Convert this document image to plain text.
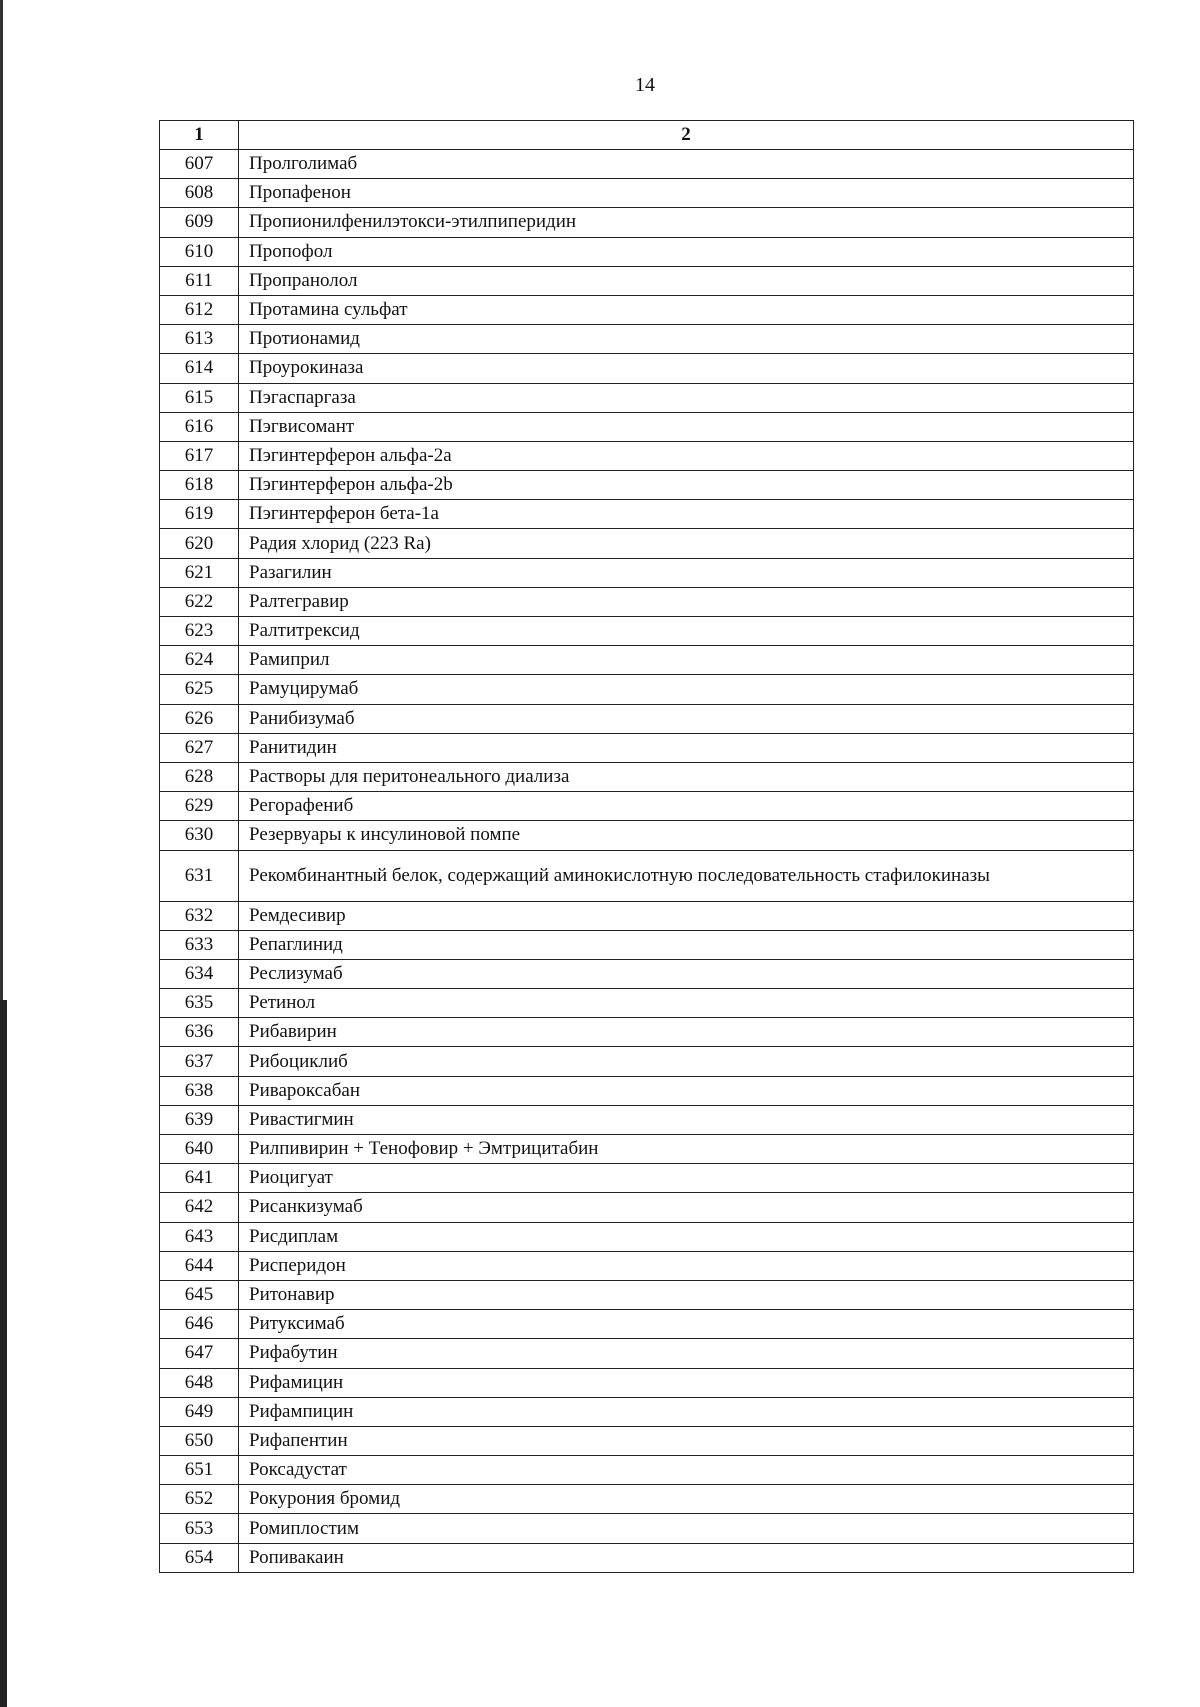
14
1	2
607	Пролголимаб
608	Пропафенон
609	Пропионилфенилэтокси-этилпиперидин
610	Пропофол
611	Пропранолол
612	Протамина сульфат
613	Протионамид
614	Проурокиназа
615	Пэгаспаргаза
616	Пэгвисомант
617	Пэгинтерферон альфа-2a
618	Пэгинтерферон альфа-2b
619	Пэгинтерферон бета-1a
620	Радия хлорид (223 Ra)
621	Разагилин
622	Ралтегравир
623	Ралтитрексид
624	Рамиприл
625	Рамуцирумаб
626	Ранибизумаб
627	Ранитидин
628	Растворы для перитонеального диализа
629	Регорафениб
630	Резервуары к инсулиновой помпе
631	Рекомбинантный белок, содержащий аминокислотную последовательность стафилокиназы
632	Ремдесивир
633	Репаглинид
634	Реслизумаб
635	Ретинол
636	Рибавирин
637	Рибоциклиб
638	Ривароксабан
639	Ривастигмин
640	Рилпивирин + Тенофовир + Эмтрицитабин
641	Риоцигуат
642	Рисанкизумаб
643	Рисдиплам
644	Рисперидон
645	Ритонавир
646	Ритуксимаб
647	Рифабутин
648	Рифамицин
649	Рифампицин
650	Рифапентин
651	Роксадустат
652	Рокурония бромид
653	Ромиплостим
654	Ропивакаин
